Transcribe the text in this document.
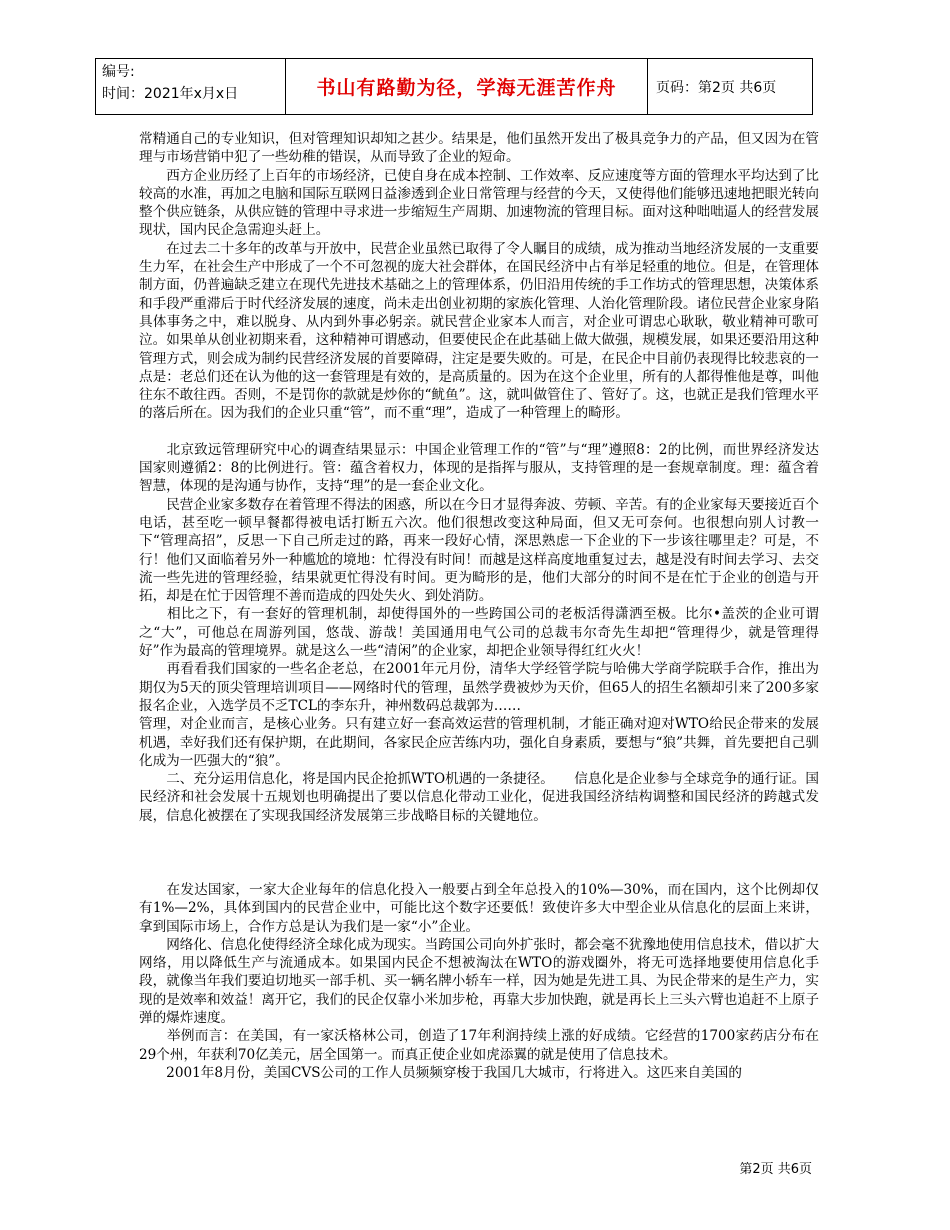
编号:
时间：2021年x月x日	书山有路勤为径，学海无涯苦作舟	页码：第2页 共6页

常精通自己的专业知识，但对管理知识却知之甚少。结果是，他们虽然开发出了极具竞争力的产品，但又因为在管理与市场营销中犯了一些幼稚的错误，从而导致了企业的短命。

　　西方企业历经了上百年的市场经济，已使自身在成本控制、工作效率、反应速度等方面的管理水平均达到了比较高的水准，再加之电脑和国际互联网日益渗透到企业日常管理与经营的今天，又使得他们能够迅速地把眼光转向整个供应链条，从供应链的管理中寻求进一步缩短生产周期、加速物流的管理目标。面对这种咄咄逼人的经营发展现状，国内民企急需迎头赶上。

　　在过去二十多年的改革与开放中，民营企业虽然已取得了令人瞩目的成绩，成为推动当地经济发展的一支重要生力军，在社会生产中形成了一个不可忽视的庞大社会群体，在国民经济中占有举足轻重的地位。但是，在管理体制方面，仍普遍缺乏建立在现代先进技术基础之上的管理体系，仍旧沿用传统的手工作坊式的管理思想，决策体系和手段严重滞后于时代经济发展的速度，尚未走出创业初期的家族化管理、人治化管理阶段。诸位民营企业家身陷具体事务之中，难以脱身、从内到外事必躬亲。就民营企业家本人而言，对企业可谓忠心耿耿，敬业精神可歌可泣。如果单从创业初期来看，这种精神可谓感动，但要使民企在此基础上做大做强，规模发展，如果还要沿用这种管理方式，则会成为制约民营经济发展的首要障碍，注定是要失败的。可是，在民企中目前仍表现得比较悲哀的一点是：老总们还在认为他的这一套管理是有效的，是高质量的。因为在这个企业里，所有的人都得惟他是尊，叫他往东不敢往西。否则，不是罚你的款就是炒你的“鱿鱼”。这，就叫做管住了、管好了。这，也就正是我们管理水平的落后所在。因为我们的企业只重“管”，而不重“理”，造成了一种管理上的畸形。

　　北京致远管理研究中心的调查结果显示：中国企业管理工作的“管”与“理”遵照8：2的比例，而世界经济发达国家则遵循2：8的比例进行。管：蕴含着权力，体现的是指挥与服从，支持管理的是一套规章制度。理：蕴含着智慧，体现的是沟通与协作，支持“理”的是一套企业文化。

　　民营企业家多数存在着管理不得法的困惑，所以在今日才显得奔波、劳顿、辛苦。有的企业家每天要接近百个电话，甚至吃一顿早餐都得被电话打断五六次。他们很想改变这种局面，但又无可奈何。也很想向别人讨教一下“管理高招”，反思一下自己所走过的路，再来一段好心情，深思熟虑一下企业的下一步该往哪里走？可是，不行！他们又面临着另外一种尴尬的境地：忙得没有时间！而越是这样高度地重复过去，越是没有时间去学习、去交流一些先进的管理经验，结果就更忙得没有时间。更为畸形的是，他们大部分的时间不是在忙于企业的创造与开拓，却是在忙于因管理不善而造成的四处失火、到处消防。

　　相比之下，有一套好的管理机制，却使得国外的一些跨国公司的老板活得潇洒至极。比尔•盖茨的企业可谓之“大”，可他总在周游列国，悠哉、游哉！美国通用电气公司的总裁韦尔奇先生却把“管理得少，就是管理得好”作为最高的管理境界。就是这么一些“清闲”的企业家，却把企业领导得红红火火！

　　再看看我们国家的一些名企老总，在2001年元月份，清华大学经管学院与哈佛大学商学院联手合作，推出为期仅为5天的顶尖管理培训项目——网络时代的管理，虽然学费被炒为天价，但65人的招生名额却引来了200多家报名企业，入选学员不乏TCL的李东升，神州数码总裁郭为……

管理，对企业而言，是核心业务。只有建立好一套高效运营的管理机制，才能正确对迎对WTO给民企带来的发展机遇，幸好我们还有保护期，在此期间，各家民企应苦练内功，强化自身素质，要想与“狼”共舞，首先要把自己驯化成为一匹强大的“狼”。

　　二、充分运用信息化，将是国内民企抢抓WTO机遇的一条捷径。　　信息化是企业参与全球竞争的通行证。国民经济和社会发展十五规划也明确提出了要以信息化带动工业化，促进我国经济结构调整和国民经济的跨越式发展，信息化被摆在了实现我国经济发展第三步战略目标的关键地位。

　　在发达国家，一家大企业每年的信息化投入一般要占到全年总投入的10%—30%，而在国内，这个比例却仅有1%—2%，具体到国内的民营企业中，可能比这个数字还要低！致使许多大中型企业从信息化的层面上来讲，拿到国际市场上，合作方总是认为我们是一家“小”企业。

　　网络化、信息化使得经济全球化成为现实。当跨国公司向外扩张时，都会毫不犹豫地使用信息技术，借以扩大网络，用以降低生产与流通成本。如果国内民企不想被淘汰在WTO的游戏圈外，将无可选择地要使用信息化手段，就像当年我们要迫切地买一部手机、买一辆名牌小轿车一样，因为她是先进工具、为民企带来的是生产力，实现的是效率和效益！离开它，我们的民企仅靠小米加步枪，再靠大步加快跑，就是再长上三头六臂也追赶不上原子弹的爆炸速度。

　　举例而言：在美国，有一家沃格林公司，创造了17年利润持续上涨的好成绩。它经营的1700家药店分布在29个州，年获利70亿美元，居全国第一。而真正使企业如虎添翼的就是使用了信息技术。

　　2001年8月份，美国CVS公司的工作人员频频穿梭于我国几大城市，行将进入。这匹来自美国的

第2页 共6页
